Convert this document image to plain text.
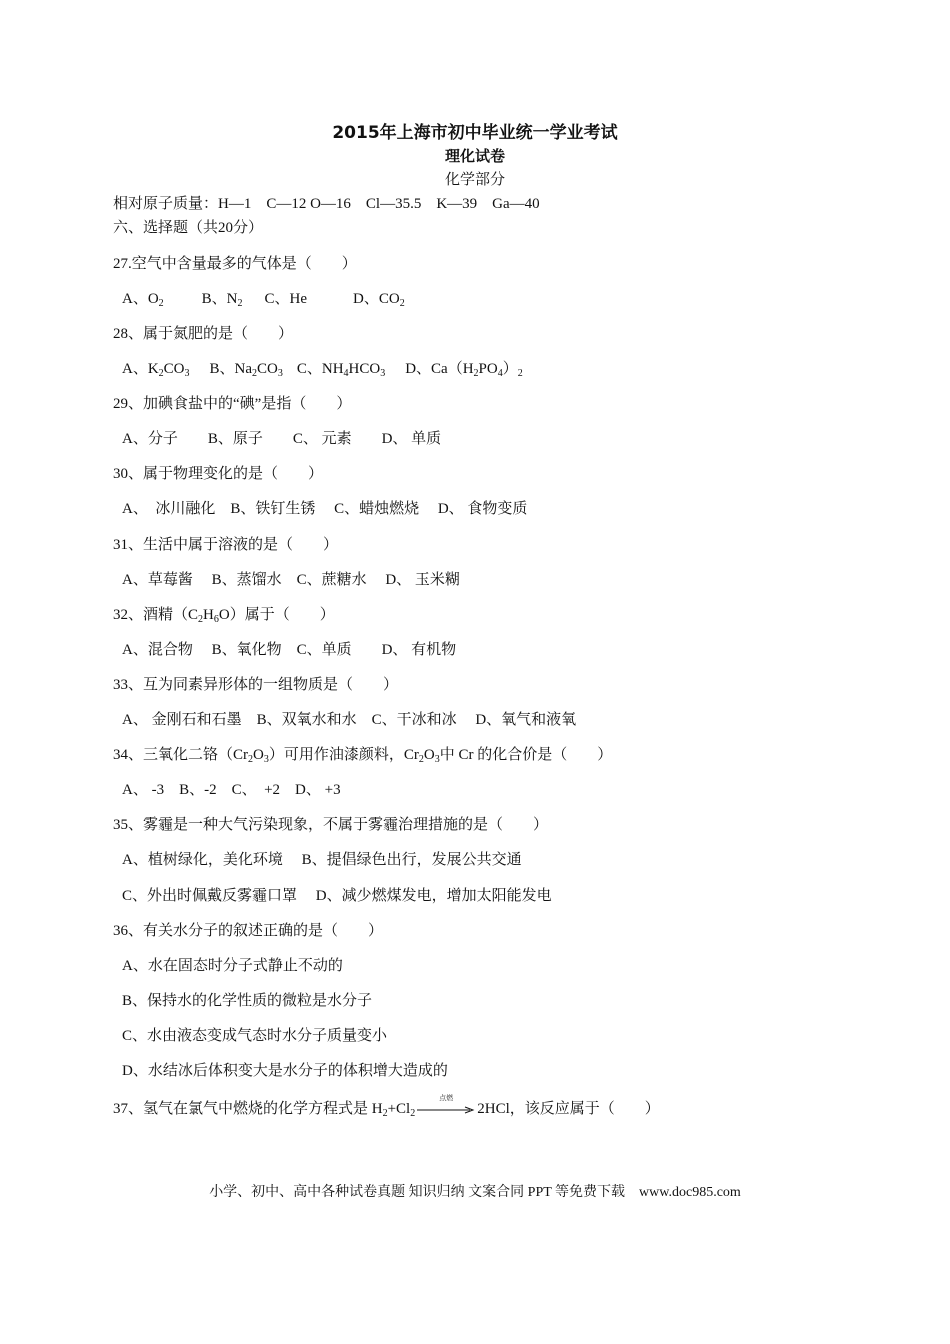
2015年上海市初中毕业统一学业考试
理化试卷
化学部分
相对原子质量：H—1　C—12 O—16　Cl—35.5　K—39　Ga—40
六、选择题（共20分）
27.空气中含量最多的气体是（　　）
A、$O_2$	B、$N_2$ C、He	D、$CO_2$
28、属于氮肥的是（　　）
A、$K_2CO_3$ B、$Na_2CO_3$ C、$NH_4HCO_3$ D、$Ca(H_2PO_4)_2$
29、加碘食盐中的“碘”是指（　　）
A、分子　　B、原子　　C、 元素　　D、 单质
30、属于物理变化的是（　　）
A、　冰川融化　B、铁钉生锈　 C、蜡烛燃烧　 D、 食物变质
31、生活中属于溶液的是（　　）
A、草莓酱　 B、蒸馏水　C、蔗糖水　 D、 玉米糊
32、酒精$(C_2H_6O)$属于（　　）
A、混合物　 B、氧化物　C、单质　　D、 有机物
33、互为同素异形体的一组物质是（　　）
A、 金刚石和石墨　B、双氧水和水　C、干冰和冰　 D、氧气和液氧
34、三氧化二铬$(Cr_2O_3)$可用作油漆颜料，$Cr_2O_3$中 Cr 的化合价是（　　）
A、 -3　B、-2　C、　+2　D、 +3
35、雾霾是一种大气污染现象，不属于雾霾治理措施的是（　　）
A、植树绿化，美化环境　 B、提倡绿色出行，发展公共交通
C、外出时佩戴反雾霾口罩　 D、减少燃煤发电，增加太阳能发电
36、有关水分子的叙述正确的是（　　）
A、水在固态时分子式静止不动的
B、保持水的化学性质的微粒是水分子
C、水由液态变成气态时水分子质量变小
D、水结冰后体积变大是水分子的体积增大造成的
37、氢气在氯气中燃烧的化学方程式是 $H_2+Cl_2$
点燃
2HCl，该反应属于（　　）
小学、初中、高中各种试卷真题 知识归纳 文案合同 PPT 等免费下载　www.doc985.com
